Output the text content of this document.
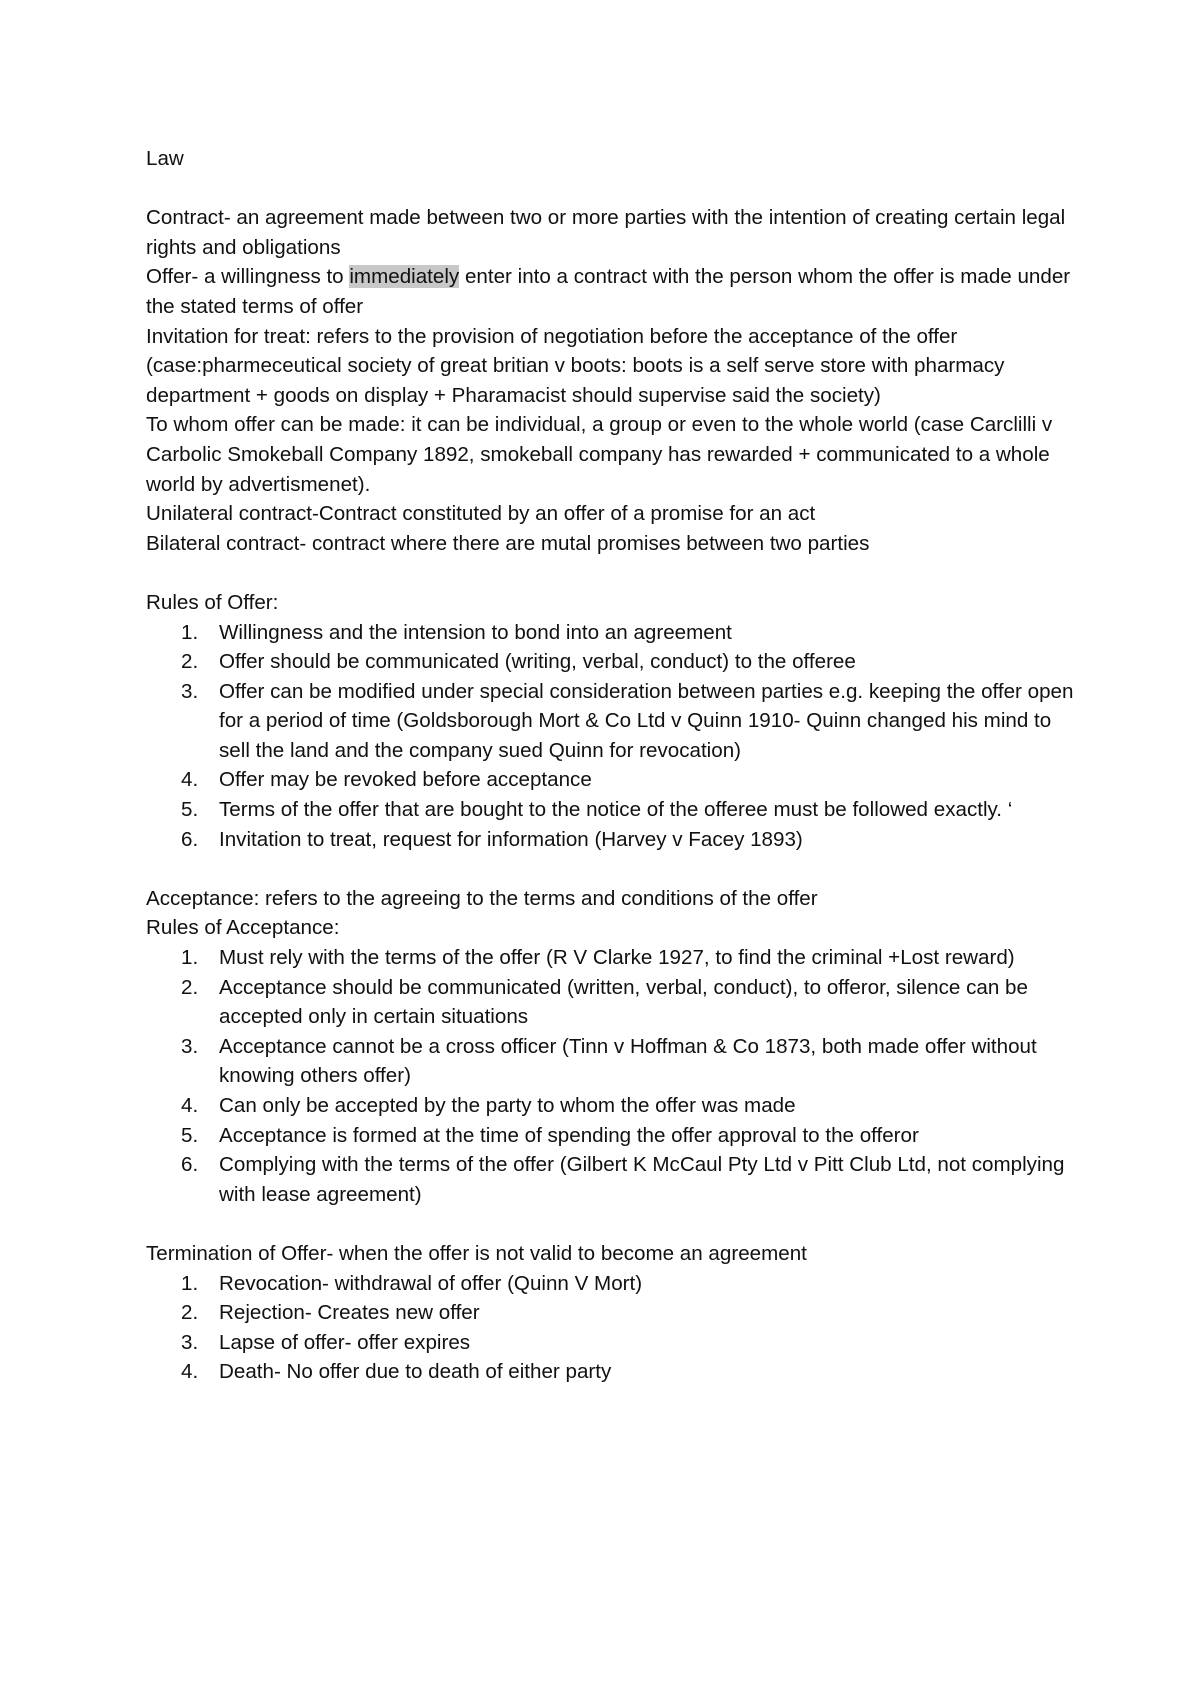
Law

Contract- an agreement made between two or more parties with the intention of creating certain legal rights and obligations

Offer- a willingness to immediately enter into a contract with the person whom the offer is made under the stated terms of offer

Invitation for treat: refers to the provision of negotiation before the acceptance of the offer (case:pharmeceutical society of great britian v boots: boots is a self serve store with pharmacy department + goods on display + Pharamacist should supervise said the society)

To whom offer can be made: it can be individual, a group or even to the whole world (case Carclilli v Carbolic Smokeball Company 1892, smokeball company has rewarded + communicated to a whole world by advertismenet).

Unilateral contract-Contract constituted by an offer of a promise for an act

Bilateral contract- contract where there are mutal promises between two parties

Rules of Offer:

1.	Willingness and the intension to bond into an agreement
2.	Offer should be communicated (writing, verbal, conduct) to the offeree
3.	Offer can be modified under special consideration between parties e.g. keeping the offer open for a period of time (Goldsborough Mort & Co Ltd v Quinn 1910- Quinn changed his mind to sell the land and the company sued Quinn for revocation)
4.	Offer may be revoked before acceptance
5.	Terms of the offer that are bought to the notice of the offeree must be followed exactly. ‘
6.	Invitation to treat, request for information (Harvey v Facey 1893)

Acceptance: refers to the agreeing to the terms and conditions of the offer

Rules of Acceptance:

1.	Must rely with the terms of the offer (R V Clarke 1927, to find the criminal +Lost reward)
2.	Acceptance should be communicated (written, verbal, conduct), to offeror, silence can be accepted only in certain situations
3.	Acceptance cannot be a cross officer (Tinn v Hoffman & Co 1873, both made offer without knowing others offer)
4.	Can only be accepted by the party to whom the offer was made
5.	Acceptance is formed at the time of spending the offer approval to the offeror
6.	Complying with the terms of the offer (Gilbert K McCaul Pty Ltd v Pitt Club Ltd, not complying with lease agreement)

Termination of Offer- when the offer is not valid to become an agreement

1.	Revocation- withdrawal of offer (Quinn V Mort)
2.	Rejection- Creates new offer
3.	Lapse of offer- offer expires
4.	Death- No offer due to death of either party
